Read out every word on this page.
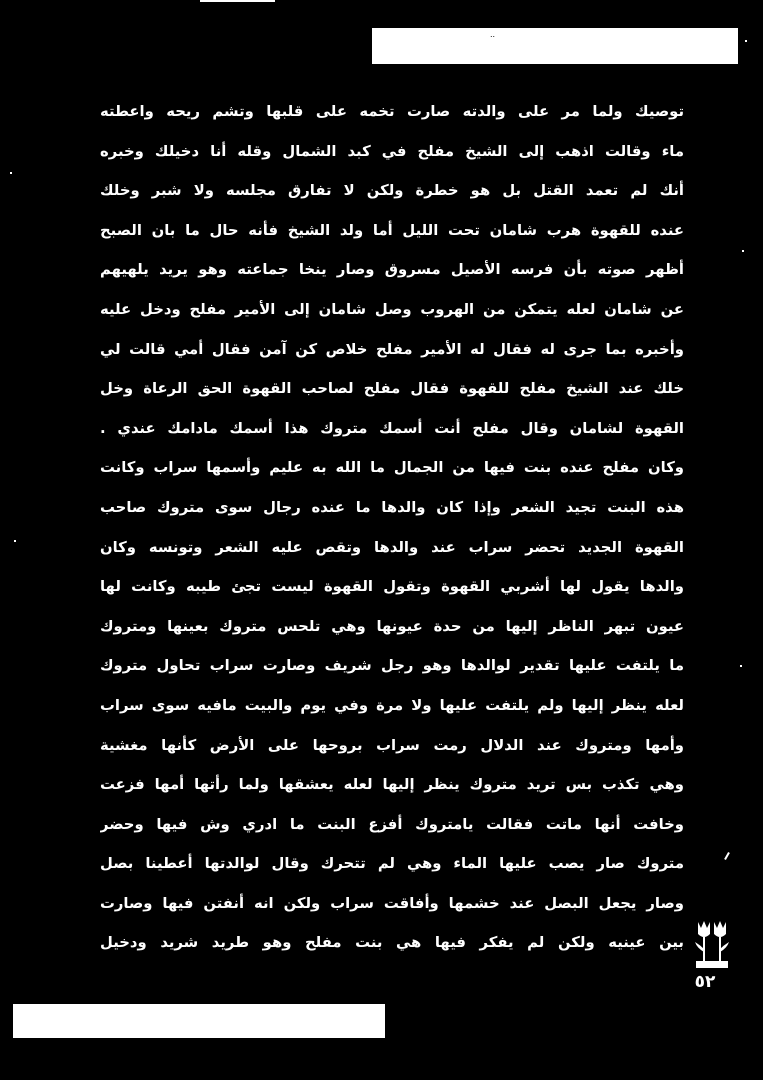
..
توصيك ولما مر على والدته صارت تخمه على قلبها وتشم ريحه واعطته
ماء وقالت اذهب إلى الشيخ مفلح في كبد الشمال وقله أنا دخيلك وخبره
أنك لم تعمد القتل بل هو خطرة ولكن لا تفارق مجلسه ولا شبر وخلك
عنده للقهوة هرب شامان تحت الليل أما ولد الشيخ فأنه حال ما بان الصبح
أظهر صوته بأن فرسه الأصيل مسروق وصار ينخا جماعته وهو يريد يلهيهم
عن شامان لعله يتمكن من الهروب وصل شامان إلى الأمير مفلح ودخل عليه
وأخبره بما جرى له فقال له الأمير مفلح خلاص كن آمن فقال أمي قالت لي
خلك عند الشيخ مفلح للقهوة فقال مفلح لصاحب القهوة الحق الرعاة وخل
القهوة لشامان وقال مفلح أنت أسمك متروك هذا أسمك مادامك عندي .
وكان مفلح عنده بنت فيها من الجمال ما الله به عليم وأسمها سراب وكانت
هذه البنت تجيد الشعر وإذا كان والدها ما عنده رجال سوى متروك صاحب
القهوة الجديد تحضر سراب عند والدها وتقص عليه الشعر وتونسه وكان
والدها يقول لها أشربي القهوة وتقول القهوة ليست تجئ طيبه وكانت لها
عيون تبهر الناظر إليها من حدة عيونها وهي تلحس متروك بعينها ومتروك
ما يلتفت عليها تقدير لوالدها وهو رجل شريف وصارت سراب تحاول متروك
لعله ينظر إليها ولم يلتفت عليها ولا مرة وفي يوم والبيت مافيه سوى سراب
وأمها ومتروك عند الدلال رمت سراب بروحها على الأرض كأنها مغشية
وهي تكذب بس تريد متروك ينظر إليها لعله يعشقها ولما رأتها أمها فزعت
وخافت أنها ماتت فقالت يامتروك أفزع البنت ما ادري وش فيها وحضر
متروك صار يصب عليها الماء وهي لم تتحرك وقال لوالدتها أعطينا بصل
وصار يجعل البصل عند خشمها وأفاقت سراب ولكن انه أنفتن فيها وصارت
بين عينيه ولكن لم يفكر فيها هي بنت مفلح وهو طريد شريد ودخيل
٥٢
